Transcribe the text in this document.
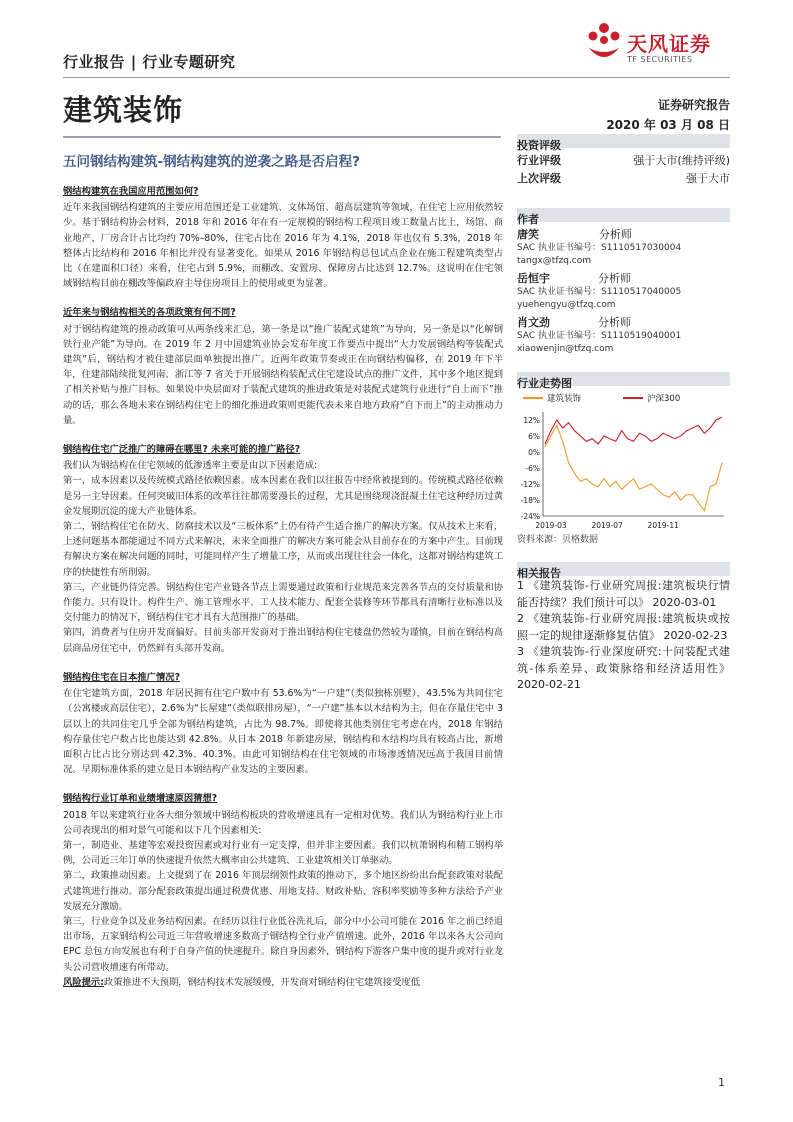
行业报告 | 行业专题研究
天风证券
TF SECURITIES
建筑装饰	证券研究报告
2020 年 03 月 08 日
五问钢结构建筑-钢结构建筑的逆袭之路是否启程?
钢结构建筑在我国应用范围如何?

近年来我国钢结构建筑的主要应用范围还是工业建筑、文体场馆、超高层建筑等领域，在住宅上应用依然较少。基于钢结构协会材料，2018 年和 2016 年在有一定规模的钢结构工程项目竣工数量占比上，场馆、商业地产、厂房合计占比均约 70%–80%，住宅占比在 2016 年为 4.1%，2018 年也仅有 5.3%，2018 年整体占比结构和 2016 年相比并没有显著变化。如果从 2016 年钢结构总包试点企业在施工程建筑类型占比（在建面积口径）来看，住宅占到 5.9%，而棚改、安置房、保障房占比达到 12.7%。这说明在住宅领域钢结构目前在棚改等偏政府主导住房项目上的使用或更为显著。

近年来与钢结构相关的各项政策有何不同?

对于钢结构建筑的推动政策可从两条线来汇总，第一条是以“推广装配式建筑”为导向，另一条是以“化解钢铁行业产能”为导向。在 2019 年 2 月中国建筑业协会发布年度工作要点中提出“大力发展钢结构等装配式建筑”后，钢结构才被住建部层面单独提出推广。近两年政策节奏或正在向钢结构偏移，在 2019 年下半年，住建部陆续批复河南、浙江等 7 省关于开展钢结构装配式住宅建设试点的推广文件，其中多个地区提到了相关补贴与推广目标。如果说中央层面对于装配式建筑的推进政策是对装配式建筑行业进行“自上而下”推动的话，那么各地未来在钢结构住宅上的细化推进政策则更能代表未来自地方政府“自下而上”的主动推动力量。

钢结构住宅广泛推广的障碍在哪里? 未来可能的推广路径?

我们认为钢结构在住宅领域的低渗透率主要是由以下因素造成:

第一，成本因素以及传统模式路径依赖因素。成本因素在我们以往报告中经常被提到的。传统模式路径依赖是另一主导因素。任何突破旧体系的改革往往都需要漫长的过程，尤其是围绕现浇混凝土住宅这种经历过黄金发展期沉淀的庞大产业链体系。

第二，钢结构住宅在防火、防腐技术以及“三板体系”上仍有待产生适合推广的解决方案。仅从技术上来看，上述问题基本都能通过不同方式来解决，未来全面推广的解决方案可能会从目前存在的方案中产生。目前现有解决方案在解决问题的同时，可能同样产生了增量工序，从而或出现往往会一体化，这都对钢结构建筑工序的快捷性有所削弱。

第三，产业链仍待完善。钢结构住宅产业链各节点上需要通过政策和行业规范来完善各节点的交付质量和协作能力。只有设计、构件生产、施工管理水平、工人技术能力、配套全装修等环节都具有清晰行业标准以及交付能力的情况下，钢结构住宅才具有大范围推广的基础。

第四，消费者与住房开发商偏好。目前头部开发商对于推出钢结构住宅楼盘仍然较为谨慎，目前在钢结构高层商品房住宅中，仍然鲜有头部开发商。

钢结构住宅在日本推广情况?

在住宅建筑方面，2018 年居民拥有住宅户数中有 53.6%为“一户建”（类似独栋别墅），43.5%为共同住宅（公寓楼或高层住宅），2.6%为“长屋建”（类似联排房屋），“一户建”基本以木结构为主，但在存量住宅中 3 层以上的共同住宅几乎全部为钢结构建筑，占比为 98.7%。即使将其他类别住宅考虑在内，2018 年钢结构存量住宅户数占比也能达到 42.8%。从日本 2018 年新建房屋，钢结构和木结构均具有较高占比，新增面积占比占比分别达到 42.3%、40.3%。由此可知钢结构在住宅领域的市场渗透情况远高于我国目前情况。早期标准体系的建立是日本钢结构产业发达的主要因素。

钢结构行业订单和业绩增速原因猜想?

2018 年以来建筑行业各大细分领域中钢结构板块的营收增速具有一定相对优势。我们认为钢结构行业上市公司表现出的相对景气可能和以下几个因素相关:

第一，制造业、基建等宏观投资因素或对行业有一定支撑，但并非主要因素。我们以杭萧钢构和精工钢构举例，公司近三年订单的快速提升依然大概率由公共建筑、工业建筑相关订单驱动。

第二，政策推动因素。上文提到了在 2016 年顶层纲领性政策的推动下，多个地区纷纷出台配套政策对装配式建筑进行推动。部分配套政策提出通过税费优惠、用地支持、财政补贴、容积率奖励等多种方法给予产业发展充分激励。

第三，行业竞争以及业务结构因素。在经历以往行业低谷洗礼后，部分中小公司可能在 2016 年之前已经退出市场，五家钢结构公司近三年营收增速多数高于钢结构全行业产值增速。此外，2016 年以来各大公司向 EPC 总包方向发展也有利于自身产值的快速提升。除自身因素外，钢结构下游客户集中度的提升或对行业龙头公司营收增速有所带动。

风险提示:政策推进不大预期，钢结构技术发展缓慢，开发商对钢结构住宅建筑接受度低

投资评级
行业评级	强于大市(维持评级)
上次评级	强于大市
作者
唐笑	分析师
SAC 执业证书编号：S1110517030004
tangx@tfzq.com
岳恒宇	分析师
SAC 执业证书编号：S1110517040005
yuehengyu@tfzq.com
肖文劲	分析师
SAC 执业证书编号：S1110519040001
xiaowenjin@tfzq.com
行业走势图
建筑装饰	沪深300
12%
6%
0%
-6%
-12%
-18%
-24%
2019-03	2019-07	2019-11
资料来源：贝格数据
相关报告
1 《建筑装饰-行业研究周报:建筑板块行情能否持续？我们预计可以》 2020-03-01
2 《建筑装饰-行业研究周报:建筑板块或按照一定的规律逐渐修复估值》 2020-02-23
3 《建筑装饰-行业深度研究:十问装配式建筑-体系差异、政策脉络和经济适用性》 2020-02-21
1
